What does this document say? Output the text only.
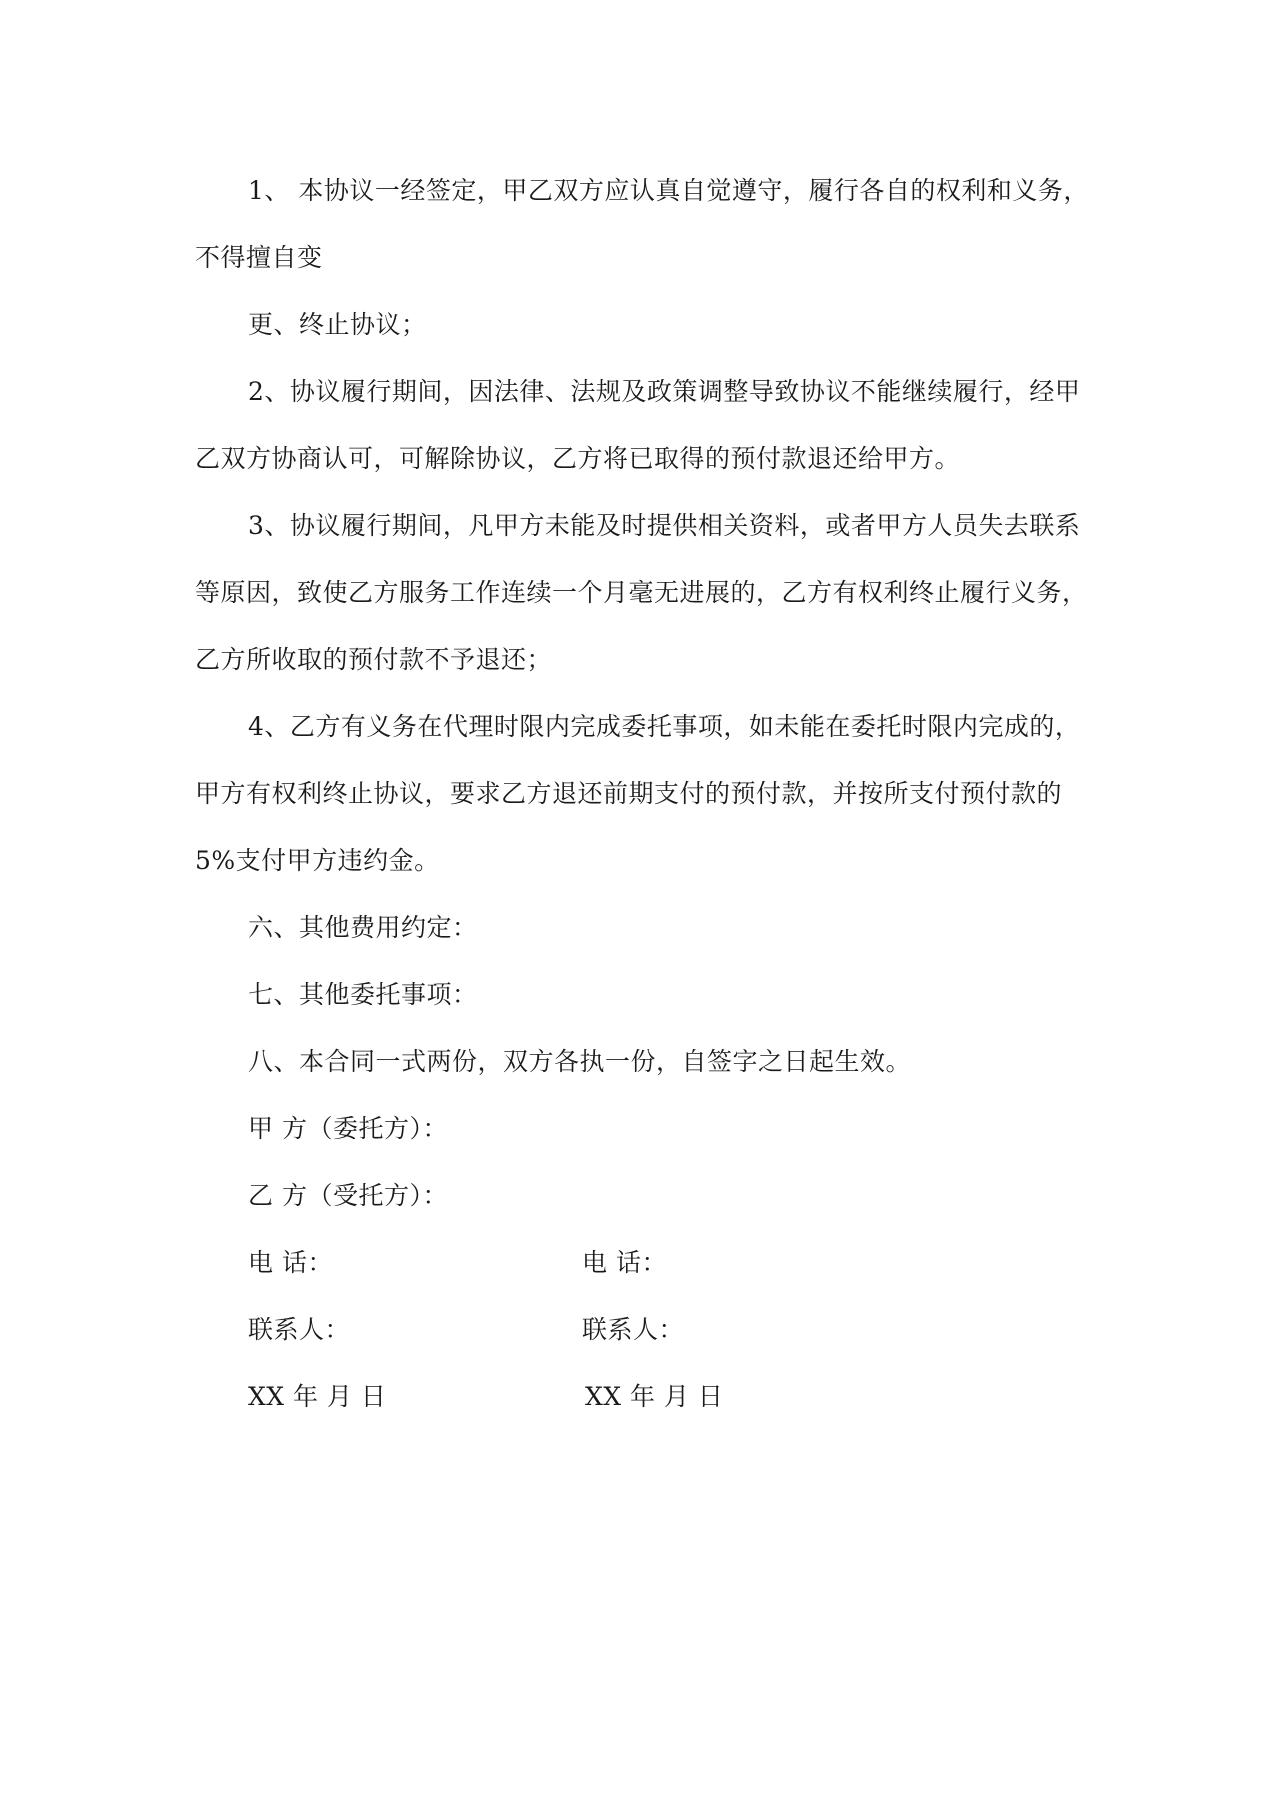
1、 本协议一经签定，甲乙双方应认真自觉遵守，履行各自的权利和义务，
不得擅自变
更、终止协议；
2、协议履行期间，因法律、法规及政策调整导致协议不能继续履行，经甲
乙双方协商认可，可解除协议，乙方将已取得的预付款退还给甲方。
3、协议履行期间，凡甲方未能及时提供相关资料，或者甲方人员失去联系
等原因，致使乙方服务工作连续一个月毫无进展的，乙方有权利终止履行义务，
乙方所收取的预付款不予退还；
4、乙方有义务在代理时限内完成委托事项，如未能在委托时限内完成的，
甲方有权利终止协议，要求乙方退还前期支付的预付款，并按所支付预付款的
5%支付甲方违约金。
六、其他费用约定：
七、其他委托事项：
八、本合同一式两份，双方各执一份，自签字之日起生效。
甲 方（委托方）：
乙 方（受托方）：
电 话：	电 话：
联系人：	联系人：
XX 年 月 日	XX 年 月 日
